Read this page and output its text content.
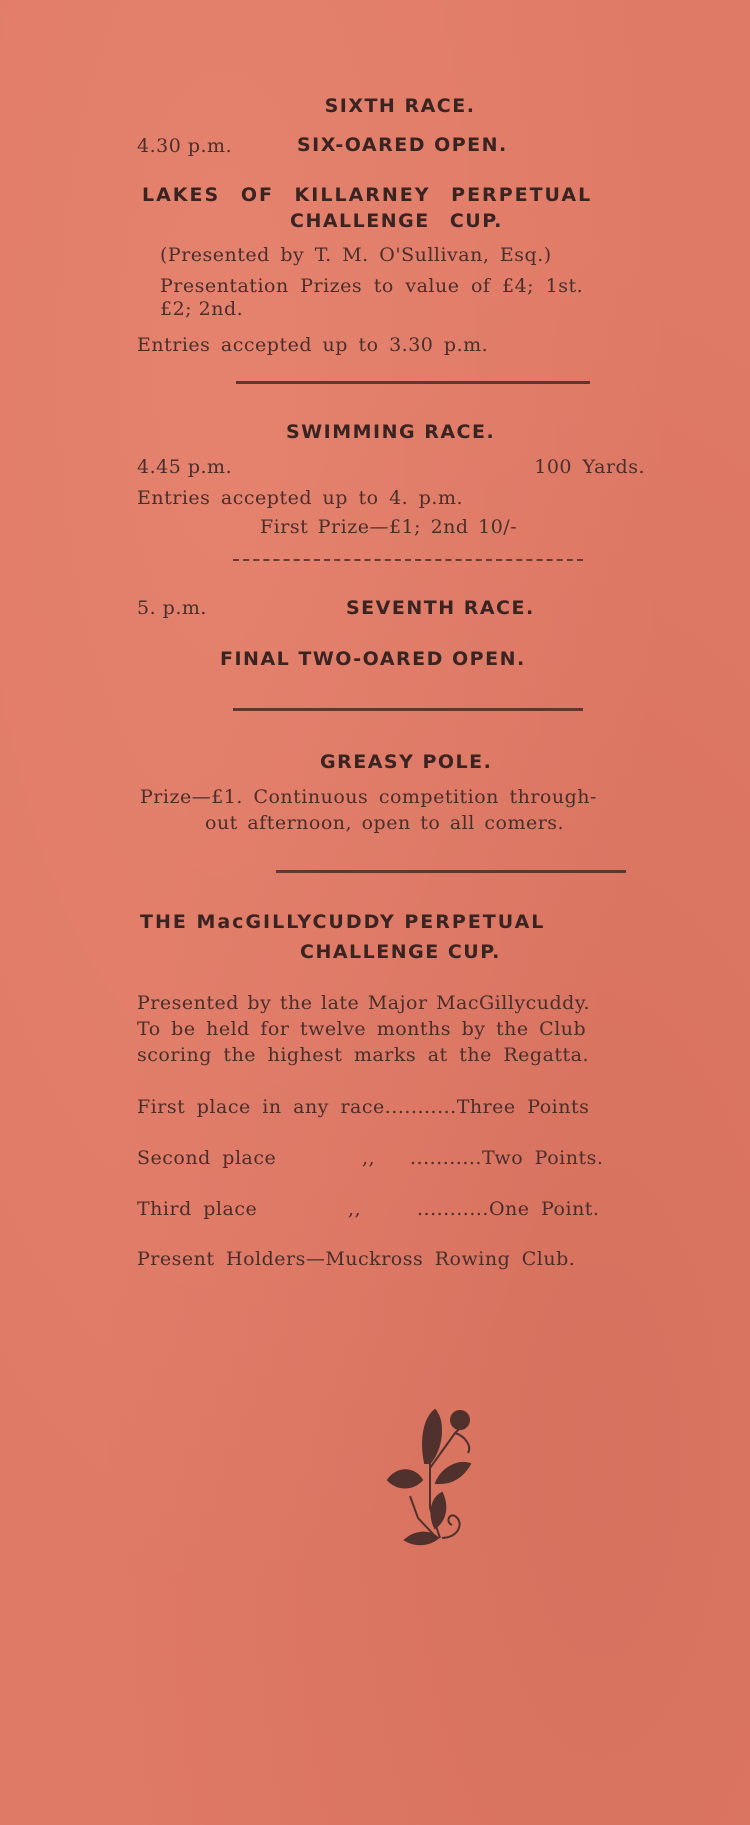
SIXTH RACE.
4.30 p.m.	SIX-OARED OPEN.
LAKES OF KILLARNEY PERPETUAL
CHALLENGE CUP.
(Presented by T. M. O'Sullivan, Esq.)
Presentation Prizes to value of £4; 1st.
£2; 2nd.
Entries accepted up to 3.30 p.m.
SWIMMING RACE.
4.45 p.m.	100 Yards.
Entries accepted up to 4. p.m.
First Prize—£1; 2nd 10/-
5. p.m.	SEVENTH RACE.
FINAL TWO-OARED OPEN.
GREASY POLE.
Prize—£1. Continuous competition through-
out afternoon, open to all comers.
THE MacGILLYCUDDY PERPETUAL
CHALLENGE CUP.
Presented by the late Major MacGillycuddy.
To be held for twelve months by the Club
scoring the highest marks at the Regatta.
First place in any race...........Three Points
Second place	,, ...........Two Points.
Third place	,,	...........One Point.
Present Holders—Muckross Rowing Club.
